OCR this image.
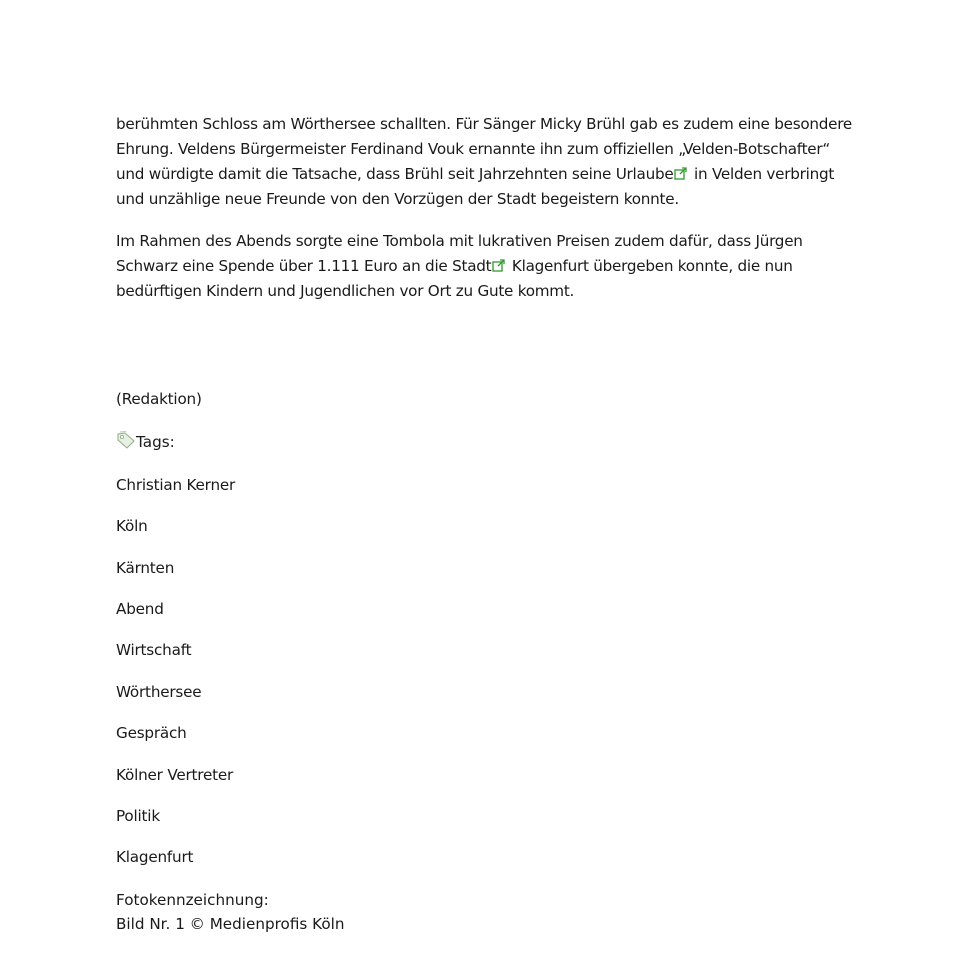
berühmten Schloss am Wörthersee schallten. Für Sänger Micky Brühl gab es zudem eine besondere
Ehrung. Veldens Bürgermeister Ferdinand Vouk ernannte ihn zum offiziellen „Velden-Botschafter“
und würdigte damit die Tatsache, dass Brühl seit Jahrzehnten seine Urlaube in Velden verbringt
und unzählige neue Freunde von den Vorzügen der Stadt begeistern konnte.
Im Rahmen des Abends sorgte eine Tombola mit lukrativen Preisen zudem dafür, dass Jürgen
Schwarz eine Spende über 1.111 Euro an die Stadt Klagenfurt übergeben konnte, die nun
bedürftigen Kindern und Jugendlichen vor Ort zu Gute kommt.
(Redaktion)
Tags:
Christian Kerner
Köln
Kärnten
Abend
Wirtschaft
Wörthersee
Gespräch
Kölner Vertreter
Politik
Klagenfurt
Fotokennzeichnung:
Bild Nr. 1 © Medienprofis Köln
